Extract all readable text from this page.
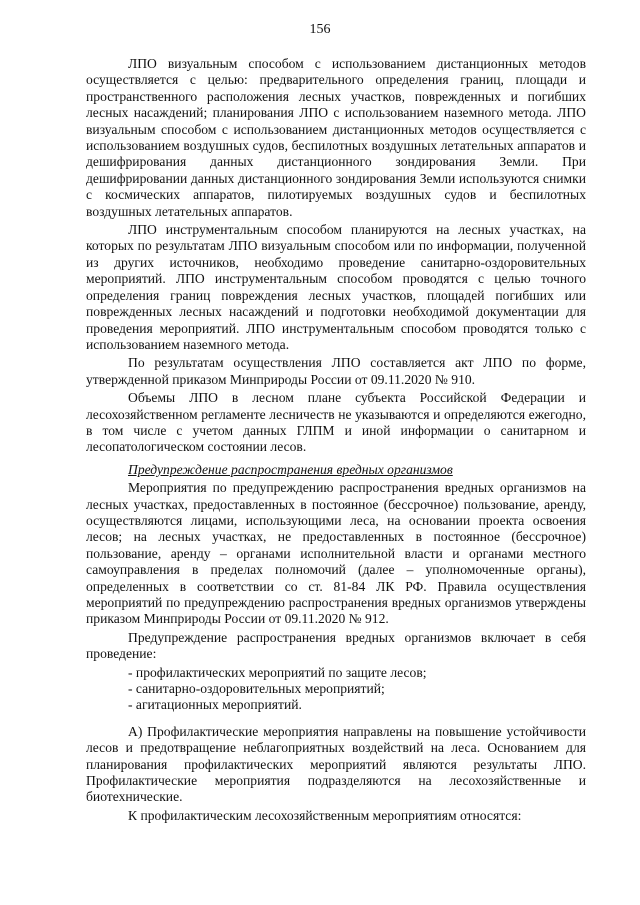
156

ЛПО визуальным способом с использованием дистанционных методов осуществляется с целью: предварительного определения границ, площади и пространственного расположения лесных участков, поврежденных и погибших лесных насаждений; планирования ЛПО с использованием наземного метода. ЛПО визуальным способом с использованием дистанционных методов осуществляется с использованием воздушных судов, беспилотных воздушных летательных аппаратов и дешифрирования данных дистанционного зондирования Земли. При дешифрировании данных дистанционного зондирования Земли используются снимки с космических аппаратов, пилотируемых воздушных судов и беспилотных воздушных летательных аппаратов.

ЛПО инструментальным способом планируются на лесных участках, на которых по результатам ЛПО визуальным способом или по информации, полученной из других источников, необходимо проведение санитарно-оздоровительных мероприятий. ЛПО инструментальным способом проводятся с целью точного определения границ повреждения лесных участков, площадей погибших или поврежденных лесных насаждений и подготовки необходимой документации для проведения мероприятий. ЛПО инструментальным способом проводятся только с использованием наземного метода.

По результатам осуществления ЛПО составляется акт ЛПО по форме, утвержденной приказом Минприроды России от 09.11.2020 № 910.

Объемы ЛПО в лесном плане субъекта Российской Федерации и лесохозяйственном регламенте лесничеств не указываются и определяются ежегодно, в том числе с учетом данных ГЛПМ и иной информации о санитарном и лесопатологическом состоянии лесов.

Предупреждение распространения вредных организмов

Мероприятия по предупреждению распространения вредных организмов на лесных участках, предоставленных в постоянное (бессрочное) пользование, аренду, осуществляются лицами, использующими леса, на основании проекта освоения лесов; на лесных участках, не предоставленных в постоянное (бессрочное) пользование, аренду – органами исполнительной власти и органами местного самоуправления в пределах полномочий (далее – уполномоченные органы), определенных в соответствии со ст. 81-84 ЛК РФ. Правила осуществления мероприятий по предупреждению распространения вредных организмов утверждены приказом Минприроды России от 09.11.2020 № 912.

Предупреждение распространения вредных организмов включает в себя проведение:

- профилактических мероприятий по защите лесов;
- санитарно-оздоровительных мероприятий;
- агитационных мероприятий.

А) Профилактические мероприятия направлены на повышение устойчивости лесов и предотвращение неблагоприятных воздействий на леса. Основанием для планирования профилактических мероприятий являются результаты ЛПО. Профилактические мероприятия подразделяются на лесохозяйственные и биотехнические.

К профилактическим лесохозяйственным мероприятиям относятся:
